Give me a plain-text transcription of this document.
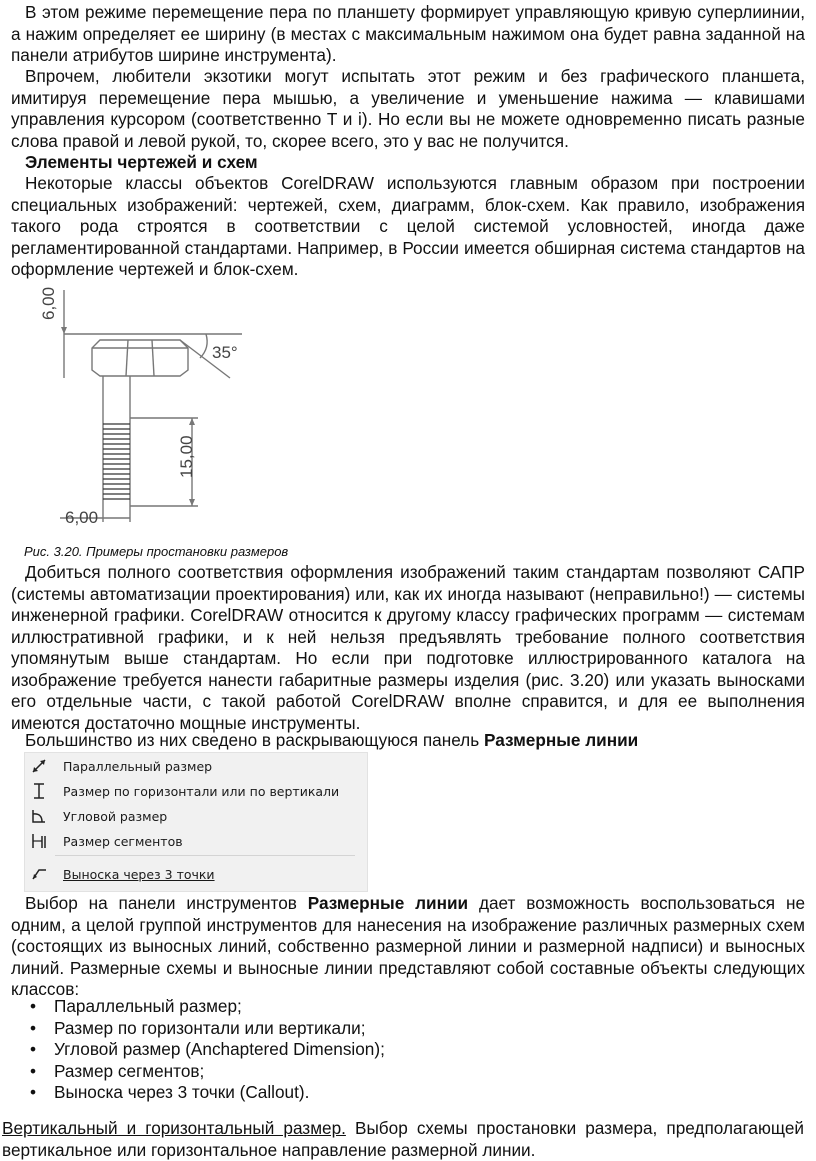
В этом режиме перемещение пера по планшету формирует управляющую кривую суперлиинии, а нажим определяет ее ширину (в местах с максимальным нажимом она будет равна заданной на панели атрибутов ширине инструмента).

Впрочем, любители экзотики могут испытать этот режим и без графического планшета, имитируя перемещение пера мышью, а увеличение и уменьшение нажима — клавишами управления курсором (соответственно T и i). Но если вы не можете одновременно писать разные слова правой и левой рукой, то, скорее всего, это у вас не получится.

Элементы чертежей и схем

Некоторые классы объектов CorelDRAW используются главным образом при построении специальных изображений: чертежей, схем, диаграмм, блок-схем. Как правило, изображения такого рода строятся в соответствии с целой системой условностей, иногда даже регламентированной стандартами. Например, в России имеется обширная система стандартов на оформление чертежей и блок-схем.

6,00
35°
15,00
6,00
Рис. 3.20. Примеры простановки размеров

Добиться полного соответствия оформления изображений таким стандартам позволяют САПР (системы автоматизации проектирования) или, как их иногда называют (неправильно!) — системы инженерной графики. CorelDRAW относится к другому классу графических программ — системам иллюстративной графики, и к ней нельзя предъявлять требование полного соответствия упомянутым выше стандартам. Но если при подготовке иллюстрированного каталога на изображение требуется нанести габаритные размеры изделия (рис. 3.20) или указать выносками его отдельные части, с такой работой CorelDRAW вполне справится, и для ее выполнения имеются достаточно мощные инструменты.

Большинство из них сведено в раскрывающуюся панель Размерные линии

Параллельный размер
Размер по горизонтали или по вертикали
Угловой размер
Размер сегментов
Выноска через 3 точки

Выбор на панели инструментов Размерные линии дает возможность воспользоваться не одним, а целой группой инструментов для нанесения на изображение различных размерных схем (состоящих из выносных линий, собственно размерной линии и размерной надписи) и выносных линий. Размерные схемы и выносные линии представляют собой составные объекты следующих классов:

• Параллельный размер;
• Размер по горизонтали или вертикали;
• Угловой размер (Anchaptered Dimension);
• Размер сегментов;
• Выноска через 3 точки (Callout).

Вертикальный и горизонтальный размер. Выбор схемы простановки размера, предполагающей вертикальное или горизонтальное направление размерной линии.
